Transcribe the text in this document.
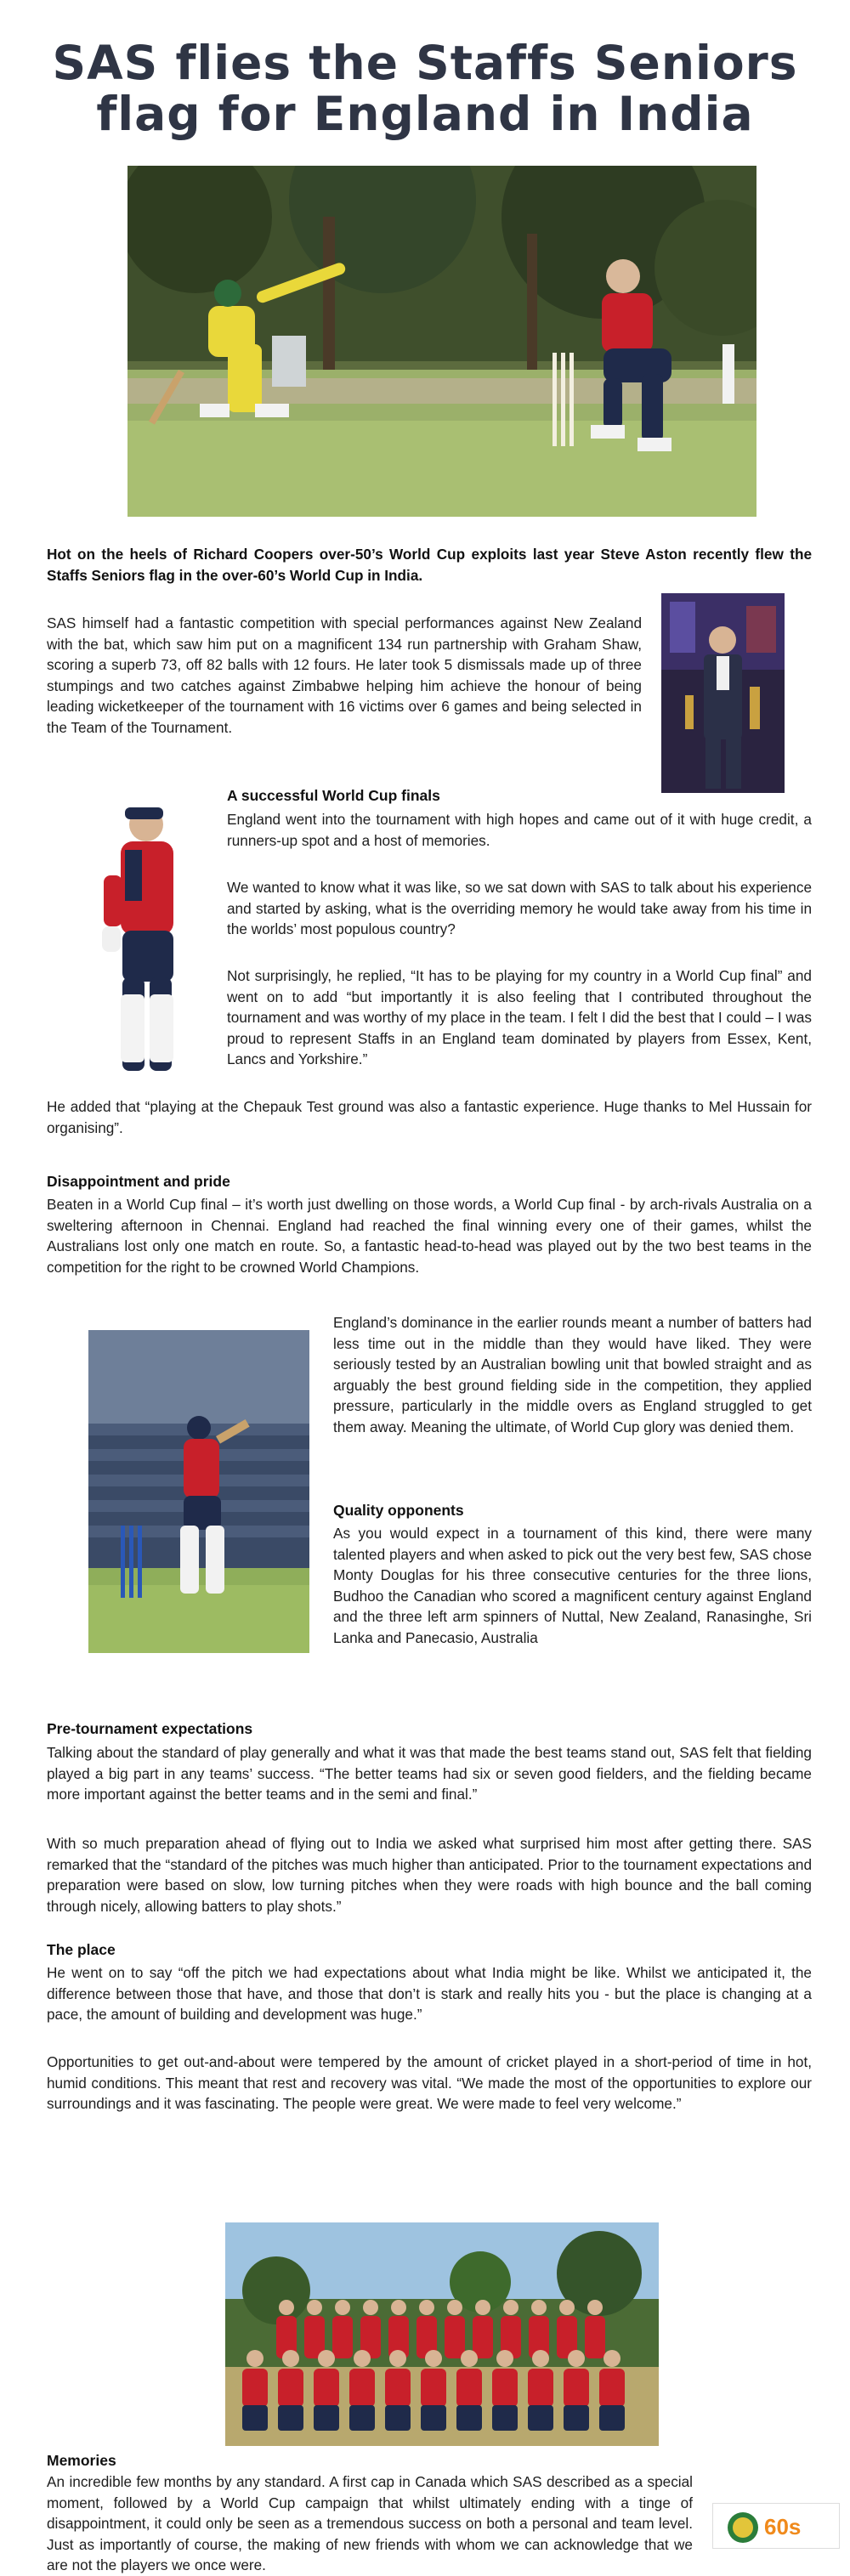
SAS flies the Staffs Seniors
flag for England in India

Hot on the heels of Richard Coopers over-50’s World Cup exploits last year Steve Aston recently flew the Staffs Seniors flag in the over-60’s World Cup in India.

SAS himself had a fantastic competition with special performances against New Zealand with the bat, which saw him put on a magnificent 134 run partnership with Graham Shaw, scoring a superb 73, off 82 balls with 12 fours. He later took 5 dismissals made up of three stumpings and two catches against Zimbabwe helping him achieve the honour of being leading wicketkeeper of the tournament with 16 victims over 6 games and being selected in the Team of the Tournament.

A successful World Cup finals

England went into the tournament with high hopes and came out of it with huge credit, a runners-up spot and a host of memories.

We wanted to know what it was like, so we sat down with SAS to talk about his experience and started by asking, what is the overriding memory he would take away from his time in the worlds’ most populous country?

Not surprisingly, he replied, “It has to be playing for my country in a World Cup final” and went on to add “but importantly it is also feeling that I contributed throughout the tournament and was worthy of my place in the team. I felt I did the best that I could – I was proud to represent Staffs in an England team dominated by players from Essex, Kent, Lancs and Yorkshire.”

He added that “playing at the Chepauk Test ground was also a fantastic experience. Huge thanks to Mel Hussain for organising”.

Disappointment and pride

Beaten in a World Cup final – it’s worth just dwelling on those words, a World Cup final - by arch-rivals Australia on a sweltering afternoon in Chennai. England had reached the final winning every one of their games, whilst the Australians lost only one match en route. So, a fantastic head-to-head was played out by the two best teams in the competition for the right to be crowned World Champions.

England’s dominance in the earlier rounds meant a number of batters had less time out in the middle than they would have liked. They were seriously tested by an Australian bowling unit that bowled straight and as arguably the best ground fielding side in the competition, they applied pressure, particularly in the middle overs as England struggled to get them away. Meaning the ultimate, of World Cup glory was denied them.

Quality opponents

As you would expect in a tournament of this kind, there were many talented players and when asked to pick out the very best few, SAS chose Monty Douglas for his three consecutive centuries for the three lions, Budhoo the Canadian who scored a magnificent century against England and the three left arm spinners of Nuttal, New Zealand, Ranasinghe, Sri Lanka and Panecasio, Australia

Pre-tournament expectations

Talking about the standard of play generally and what it was that made the best teams stand out, SAS felt that fielding played a big part in any teams’ success. “The better teams had six or seven good fielders, and the fielding became more important against the better teams and in the semi and final.”

With so much preparation ahead of flying out to India we asked what surprised him most after getting there. SAS remarked that the “standard of the pitches was much higher than anticipated. Prior to the tournament expectations and preparation were based on slow, low turning pitches when they were roads with high bounce and the ball coming through nicely, allowing batters to play shots.”

The place

He went on to say “off the pitch we had expectations about what India might be like. Whilst we anticipated it, the difference between those that have, and those that don’t is stark and really hits you - but the place is changing at a pace, the amount of building and development was huge.”

Opportunities to get out-and-about were tempered by the amount of cricket played in a short-period of time in hot, humid conditions. This meant that rest and recovery was vital. “We made the most of the opportunities to explore our surroundings and it was fascinating. The people were great. We were made to feel very welcome.”

Memories

An incredible few months by any standard. A first cap in Canada which SAS described as a special moment, followed by a World Cup campaign that whilst ultimately ending with a tinge of disappointment, it could only be seen as a tremendous success on both a personal and team level. Just as importantly of course, the making of new friends with whom we can acknowledge that we are not the players we once were.

60s
